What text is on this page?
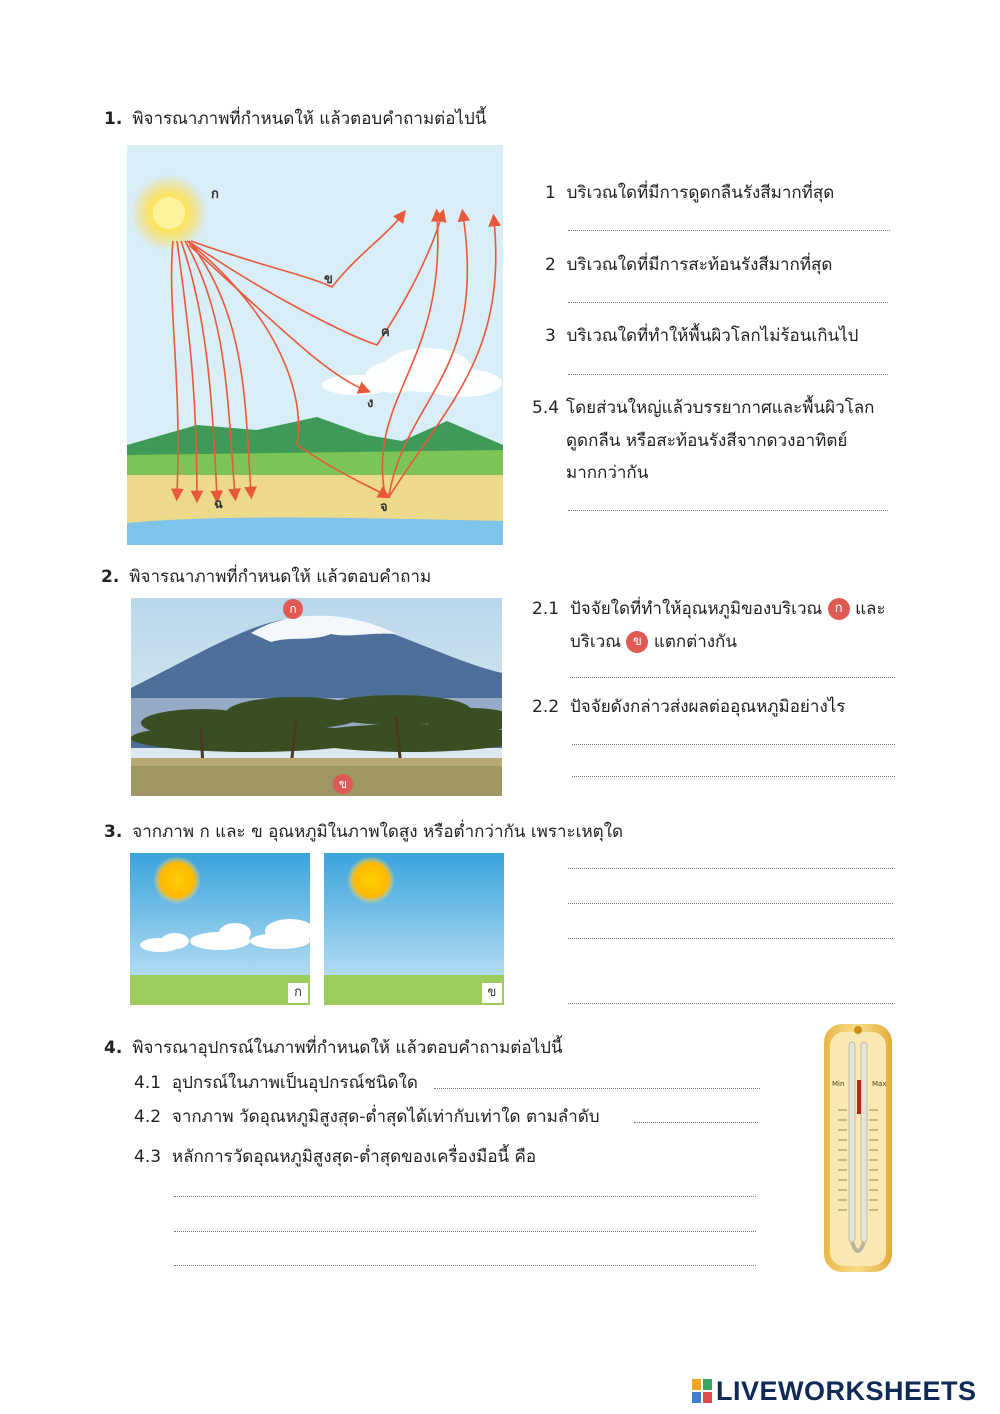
1. พิจารณาภาพที่กำหนดให้ แล้วตอบคำถามต่อไปนี้
ก
ข
ค
ง
จ
ฉ
1 บริเวณใดที่มีการดูดกลืนรังสีมากที่สุด
2 บริเวณใดที่มีการสะท้อนรังสีมากที่สุด
3 บริเวณใดที่ทำให้พื้นผิวโลกไม่ร้อนเกินไป
5.4 โดยส่วนใหญ่แล้วบรรยากาศและพื้นผิวโลก
ดูดกลืน หรือสะท้อนรังสีจากดวงอาทิตย์
มากกว่ากัน
2. พิจารณาภาพที่กำหนดให้ แล้วตอบคำถาม
ก
ข
2.1 ปัจจัยใดที่ทำให้อุณหภูมิของบริเวณ ก และ
บริเวณ ข แตกต่างกัน
2.2 ปัจจัยดังกล่าวส่งผลต่ออุณหภูมิอย่างไร
3. จากภาพ ก และ ข อุณหภูมิในภาพใดสูง หรือต่ำกว่ากัน เพราะเหตุใด
ก	ข
4. พิจารณาอุปกรณ์ในภาพที่กำหนดให้ แล้วตอบคำถามต่อไปนี้
4.1 อุปกรณ์ในภาพเป็นอุปกรณ์ชนิดใด
4.2 จากภาพ วัดอุณหภูมิสูงสุด-ต่ำสุดได้เท่ากับเท่าใด ตามลำดับ
4.3 หลักการวัดอุณหภูมิสูงสุด-ต่ำสุดของเครื่องมือนี้ คือ
Min	Max
LIVEWORKSHEETS
